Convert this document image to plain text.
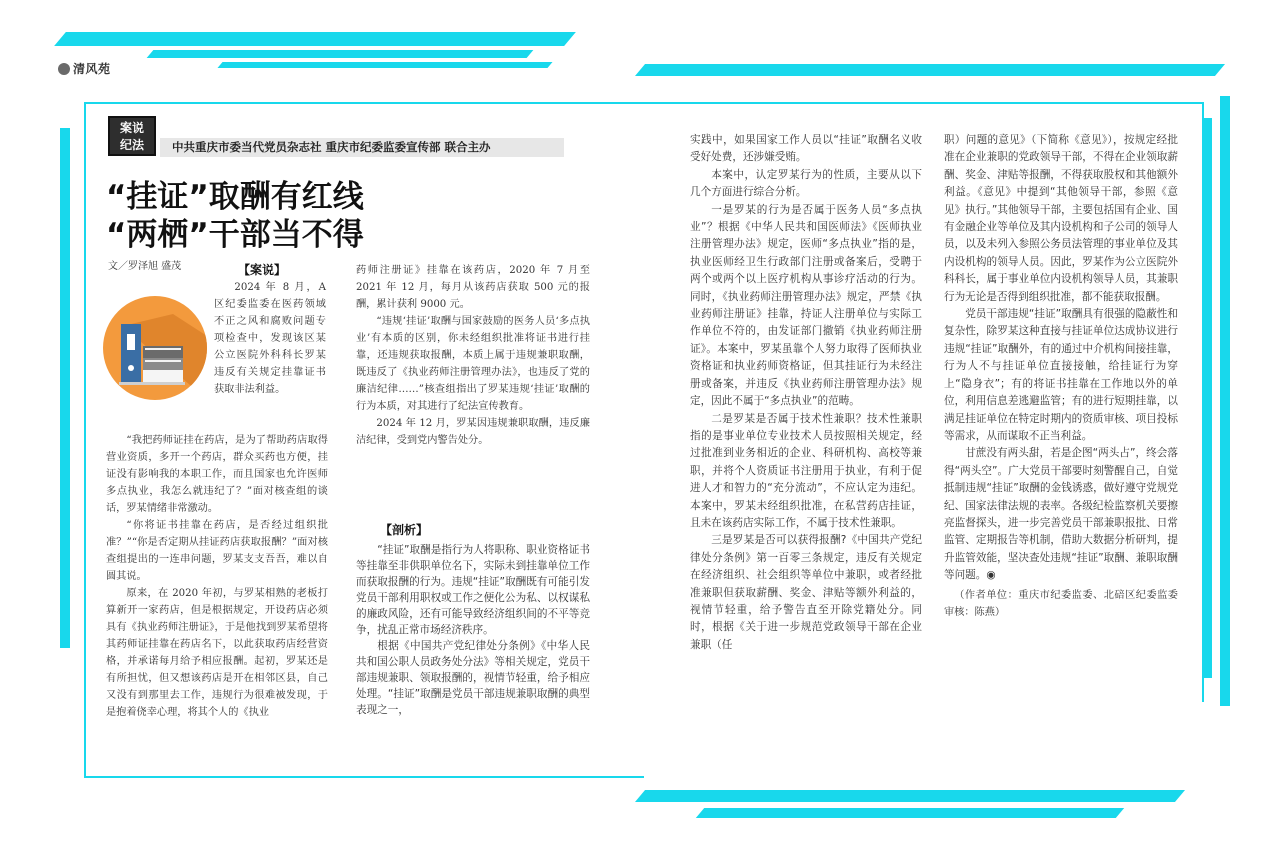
清风苑
案说
纪法	中共重庆市委当代党员杂志社 重庆市纪委监委宣传部 联合主办
“挂证”取酬有红线
“两栖”干部当不得
文／罗泽旭 盛茂	【案说】

2024 年 8 月，A 区纪委监委在医药领域不正之风和腐败问题专项检查中，发现该区某公立医院外科科长罗某违反有关规定挂靠证书获取非法利益。

“我把药师证挂在药店，是为了帮助药店取得营业资质，多开一个药店，群众买药也方便，挂证没有影响我的本职工作，而且国家也允许医师多点执业，我怎么就违纪了？”面对核查组的谈话，罗某情绪非常激动。

“你将证书挂靠在药店，是否经过组织批准？”“你是否定期从挂证药店获取报酬？”面对核查组提出的一连串问题，罗某支支吾吾，难以自圆其说。

原来，在 2020 年初，与罗某相熟的老板打算新开一家药店，但是根据规定，开设药店必须具有《执业药师注册证》，于是他找到罗某希望将其药师证挂靠在药店名下，以此获取药店经营资格，并承诺每月给予相应报酬。起初，罗某还是有所担忧，但又想该药店是开在相邻区县，自己又没有到那里去工作，违规行为很难被发现，于是抱着侥幸心理，将其个人的《执业

药师注册证》挂靠在该药店，2020 年 7 月至 2021 年 12 月，每月从该药店获取 500 元的报酬，累计获利 9000 元。

“违规‘挂证’取酬与国家鼓励的医务人员‘多点执业’有本质的区别，你未经组织批准将证书进行挂靠，还违规获取报酬，本质上属于违规兼职取酬，既违反了《执业药师注册管理办法》，也违反了党的廉洁纪律……”核查组指出了罗某违规‘挂证’取酬的行为本质，对其进行了纪法宣传教育。

2024 年 12 月，罗某因违规兼职取酬，违反廉洁纪律，受到党内警告处分。

【剖析】

“挂证”取酬是指行为人将职称、职业资格证书等挂靠至非供职单位名下，实际未到挂靠单位工作而获取报酬的行为。违规“挂证”取酬既有可能引发党员干部利用职权或工作之便化公为私、以权谋私的廉政风险，还有可能导致经济组织间的不平等竞争，扰乱正常市场经济秩序。

根据《中国共产党纪律处分条例》《中华人民共和国公职人员政务处分法》等相关规定，党员干部违规兼职、领取报酬的，视情节轻重，给予相应处理。“挂证”取酬是党员干部违规兼职取酬的典型表现之一，

实践中，如果国家工作人员以“挂证”取酬名义收受好处费，还涉嫌受贿。

本案中，认定罗某行为的性质，主要从以下几个方面进行综合分析。

一是罗某的行为是否属于医务人员“多点执业”？根据《中华人民共和国医师法》《医师执业注册管理办法》规定，医师“多点执业”指的是，执业医师经卫生行政部门注册或备案后，受聘于两个或两个以上医疗机构从事诊疗活动的行为。同时，《执业药师注册管理办法》规定，严禁《执业药师注册证》挂靠，持证人注册单位与实际工作单位不符的，由发证部门撤销《执业药师注册证》。本案中，罗某虽靠个人努力取得了医师执业资格证和执业药师资格证，但其挂证行为未经注册或备案，并违反《执业药师注册管理办法》规定，因此不属于“多点执业”的范畴。

二是罗某是否属于技术性兼职？技术性兼职指的是事业单位专业技术人员按照相关规定，经过批准到业务相近的企业、科研机构、高校等兼职，并将个人资质证书注册用于执业，有利于促进人才和智力的“充分流动”，不应认定为违纪。本案中，罗某未经组织批准，在私营药店挂证，且未在该药店实际工作，不属于技术性兼职。

三是罗某是否可以获得报酬?《中国共产党纪律处分条例》第一百零三条规定，违反有关规定在经济组织、社会组织等单位中兼职，或者经批准兼职但获取薪酬、奖金、津贴等额外利益的，视情节轻重，给予警告直至开除党籍处分。同时，根据《关于进一步规范党政领导干部在企业兼职（任

职）问题的意见》（下简称《意见》），按规定经批准在企业兼职的党政领导干部，不得在企业领取薪酬、奖金、津贴等报酬，不得获取股权和其他额外利益。《意见》中提到“其他领导干部，参照《意见》执行。”其他领导干部，主要包括国有企业、国有金融企业等单位及其内设机构和子公司的领导人员，以及未列入参照公务员法管理的事业单位及其内设机构的领导人员。因此，罗某作为公立医院外科科长，属于事业单位内设机构领导人员，其兼职行为无论是否得到组织批准，都不能获取报酬。

党员干部违规“挂证”取酬具有很强的隐蔽性和复杂性，除罗某这种直接与挂证单位达成协议进行违规“挂证”取酬外，有的通过中介机构间接挂靠，行为人不与挂证单位直接接触，给挂证行为穿上“隐身衣”；有的将证书挂靠在工作地以外的单位，利用信息差逃避监管；有的进行短期挂靠，以满足挂证单位在特定时期内的资质审核、项目投标等需求，从而谋取不正当利益。

甘蔗没有两头甜，若是企图“两头占”，终会落得“两头空”。广大党员干部要时刻警醒自己，自觉抵制违规“挂证”取酬的金钱诱惑，做好遵守党规党纪、国家法律法规的表率。各级纪检监察机关要擦亮监督探头，进一步完善党员干部兼职报批、日常监管、定期报告等机制，借助大数据分析研判，提升监管效能，坚决查处违规“挂证”取酬、兼职取酬等问题。◉

（作者单位：重庆市纪委监委、北碚区纪委监委 审核：陈燕）
